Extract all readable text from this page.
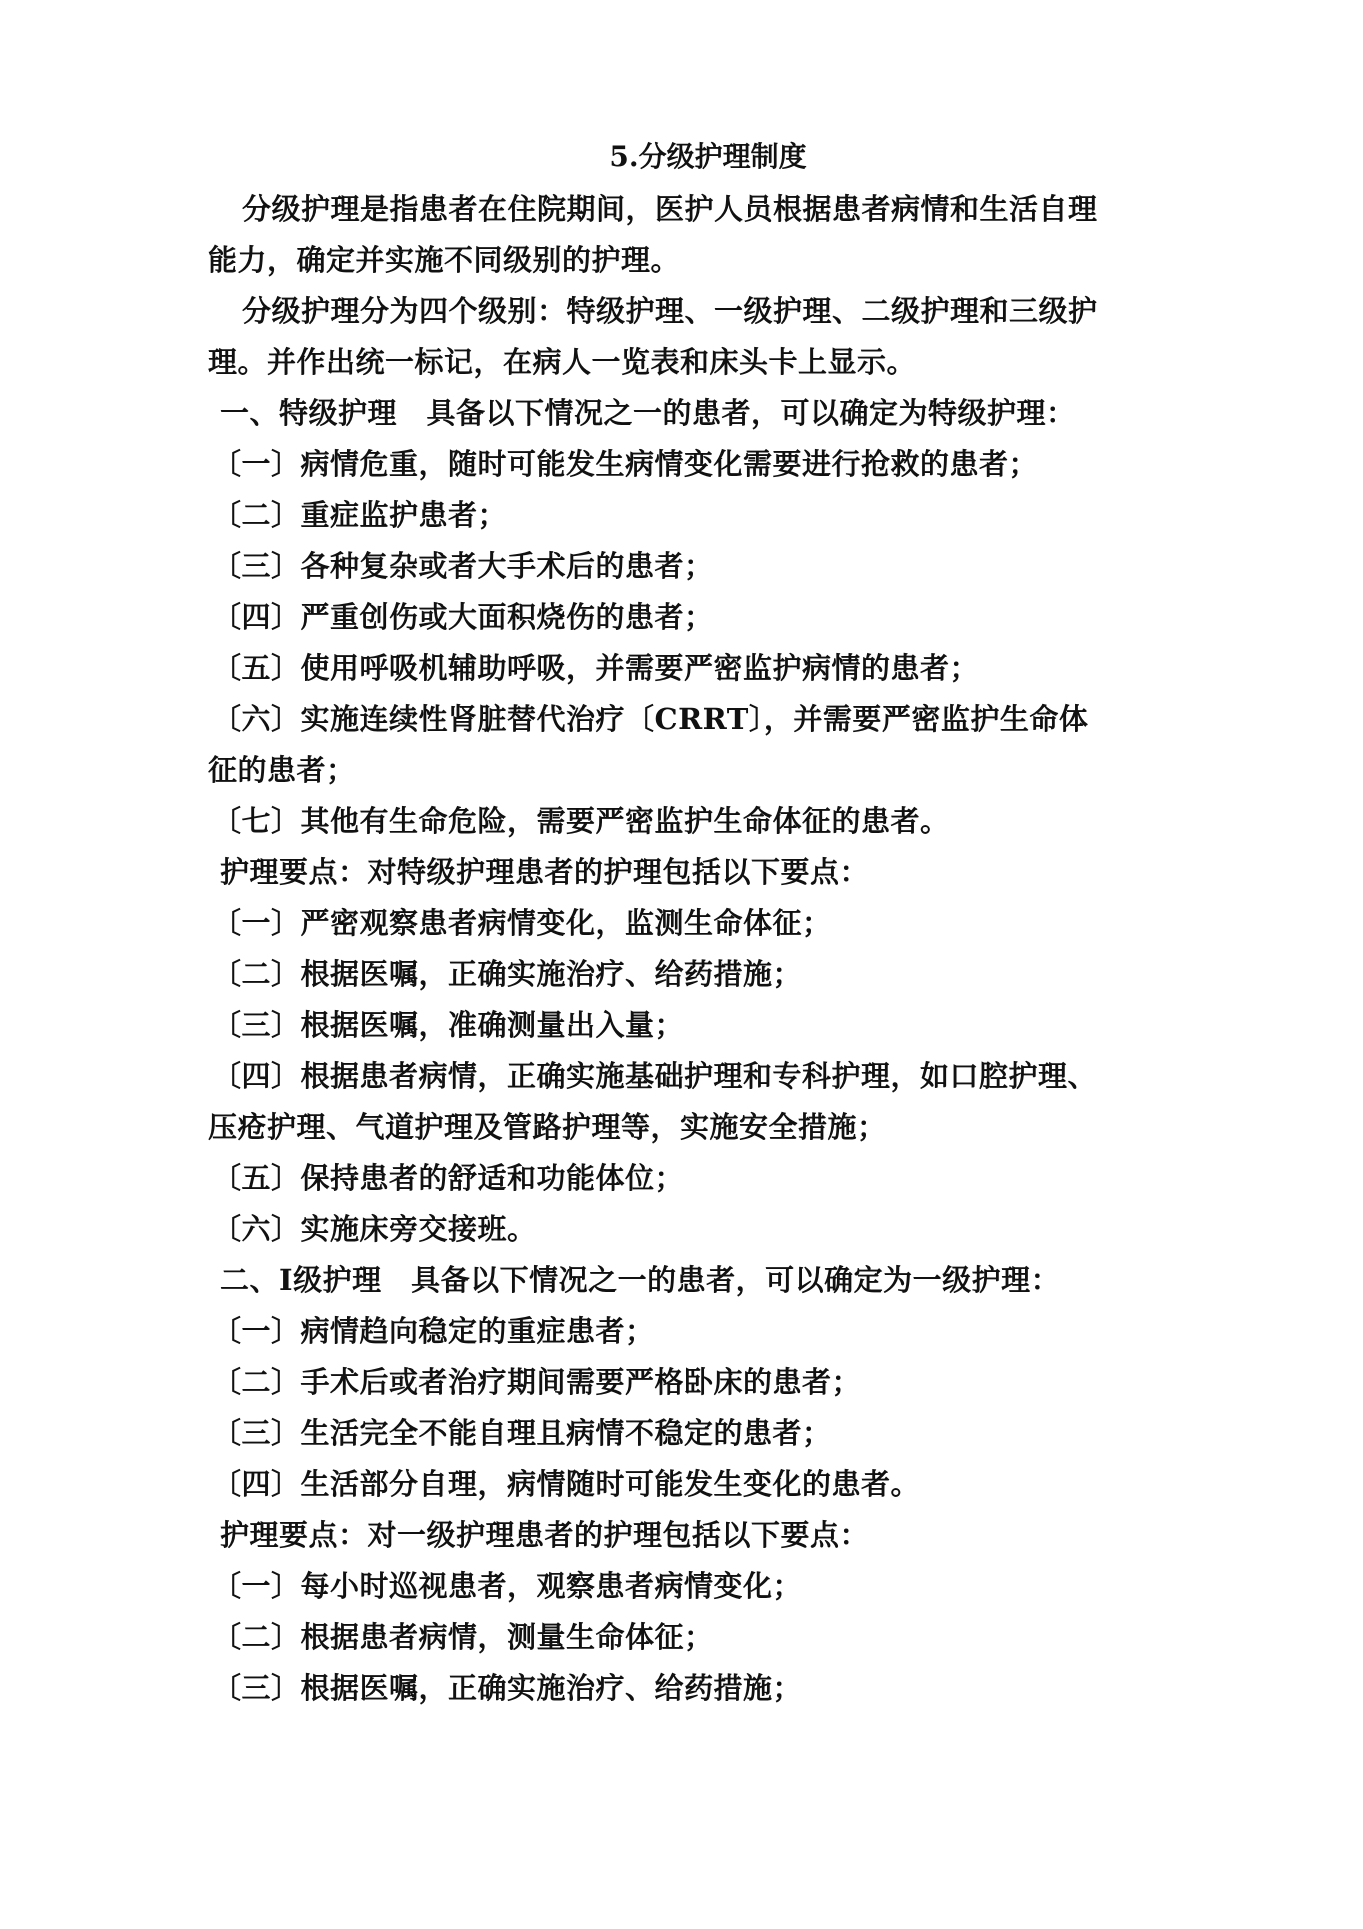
5.分级护理制度
分级护理是指患者在住院期间，医护人员根据患者病情和生活自理
能力，确定并实施不同级别的护理。
分级护理分为四个级别：特级护理、一级护理、二级护理和三级护
理。并作出统一标记，在病人一览表和床头卡上显示。
一、特级护理　具备以下情况之一的患者，可以确定为特级护理：
〔一〕病情危重，随时可能发生病情变化需要进行抢救的患者；
〔二〕重症监护患者；
〔三〕各种复杂或者大手术后的患者；
〔四〕严重创伤或大面积烧伤的患者；
〔五〕使用呼吸机辅助呼吸，并需要严密监护病情的患者；
〔六〕实施连续性肾脏替代治疗〔CRRT〕，并需要严密监护生命体
征的患者；
〔七〕其他有生命危险，需要严密监护生命体征的患者。
护理要点：对特级护理患者的护理包括以下要点：
〔一〕严密观察患者病情变化，监测生命体征；
〔二〕根据医嘱，正确实施治疗、给药措施；
〔三〕根据医嘱，准确测量出入量；
〔四〕根据患者病情，正确实施基础护理和专科护理，如口腔护理、
压疮护理、气道护理及管路护理等，实施安全措施；
〔五〕保持患者的舒适和功能体位；
〔六〕实施床旁交接班。
二、Ⅰ级护理　具备以下情况之一的患者，可以确定为一级护理：
〔一〕病情趋向稳定的重症患者；
〔二〕手术后或者治疗期间需要严格卧床的患者；
〔三〕生活完全不能自理且病情不稳定的患者；
〔四〕生活部分自理，病情随时可能发生变化的患者。
护理要点：对一级护理患者的护理包括以下要点：
〔一〕每小时巡视患者，观察患者病情变化；
〔二〕根据患者病情，测量生命体征；
〔三〕根据医嘱，正确实施治疗、给药措施；
